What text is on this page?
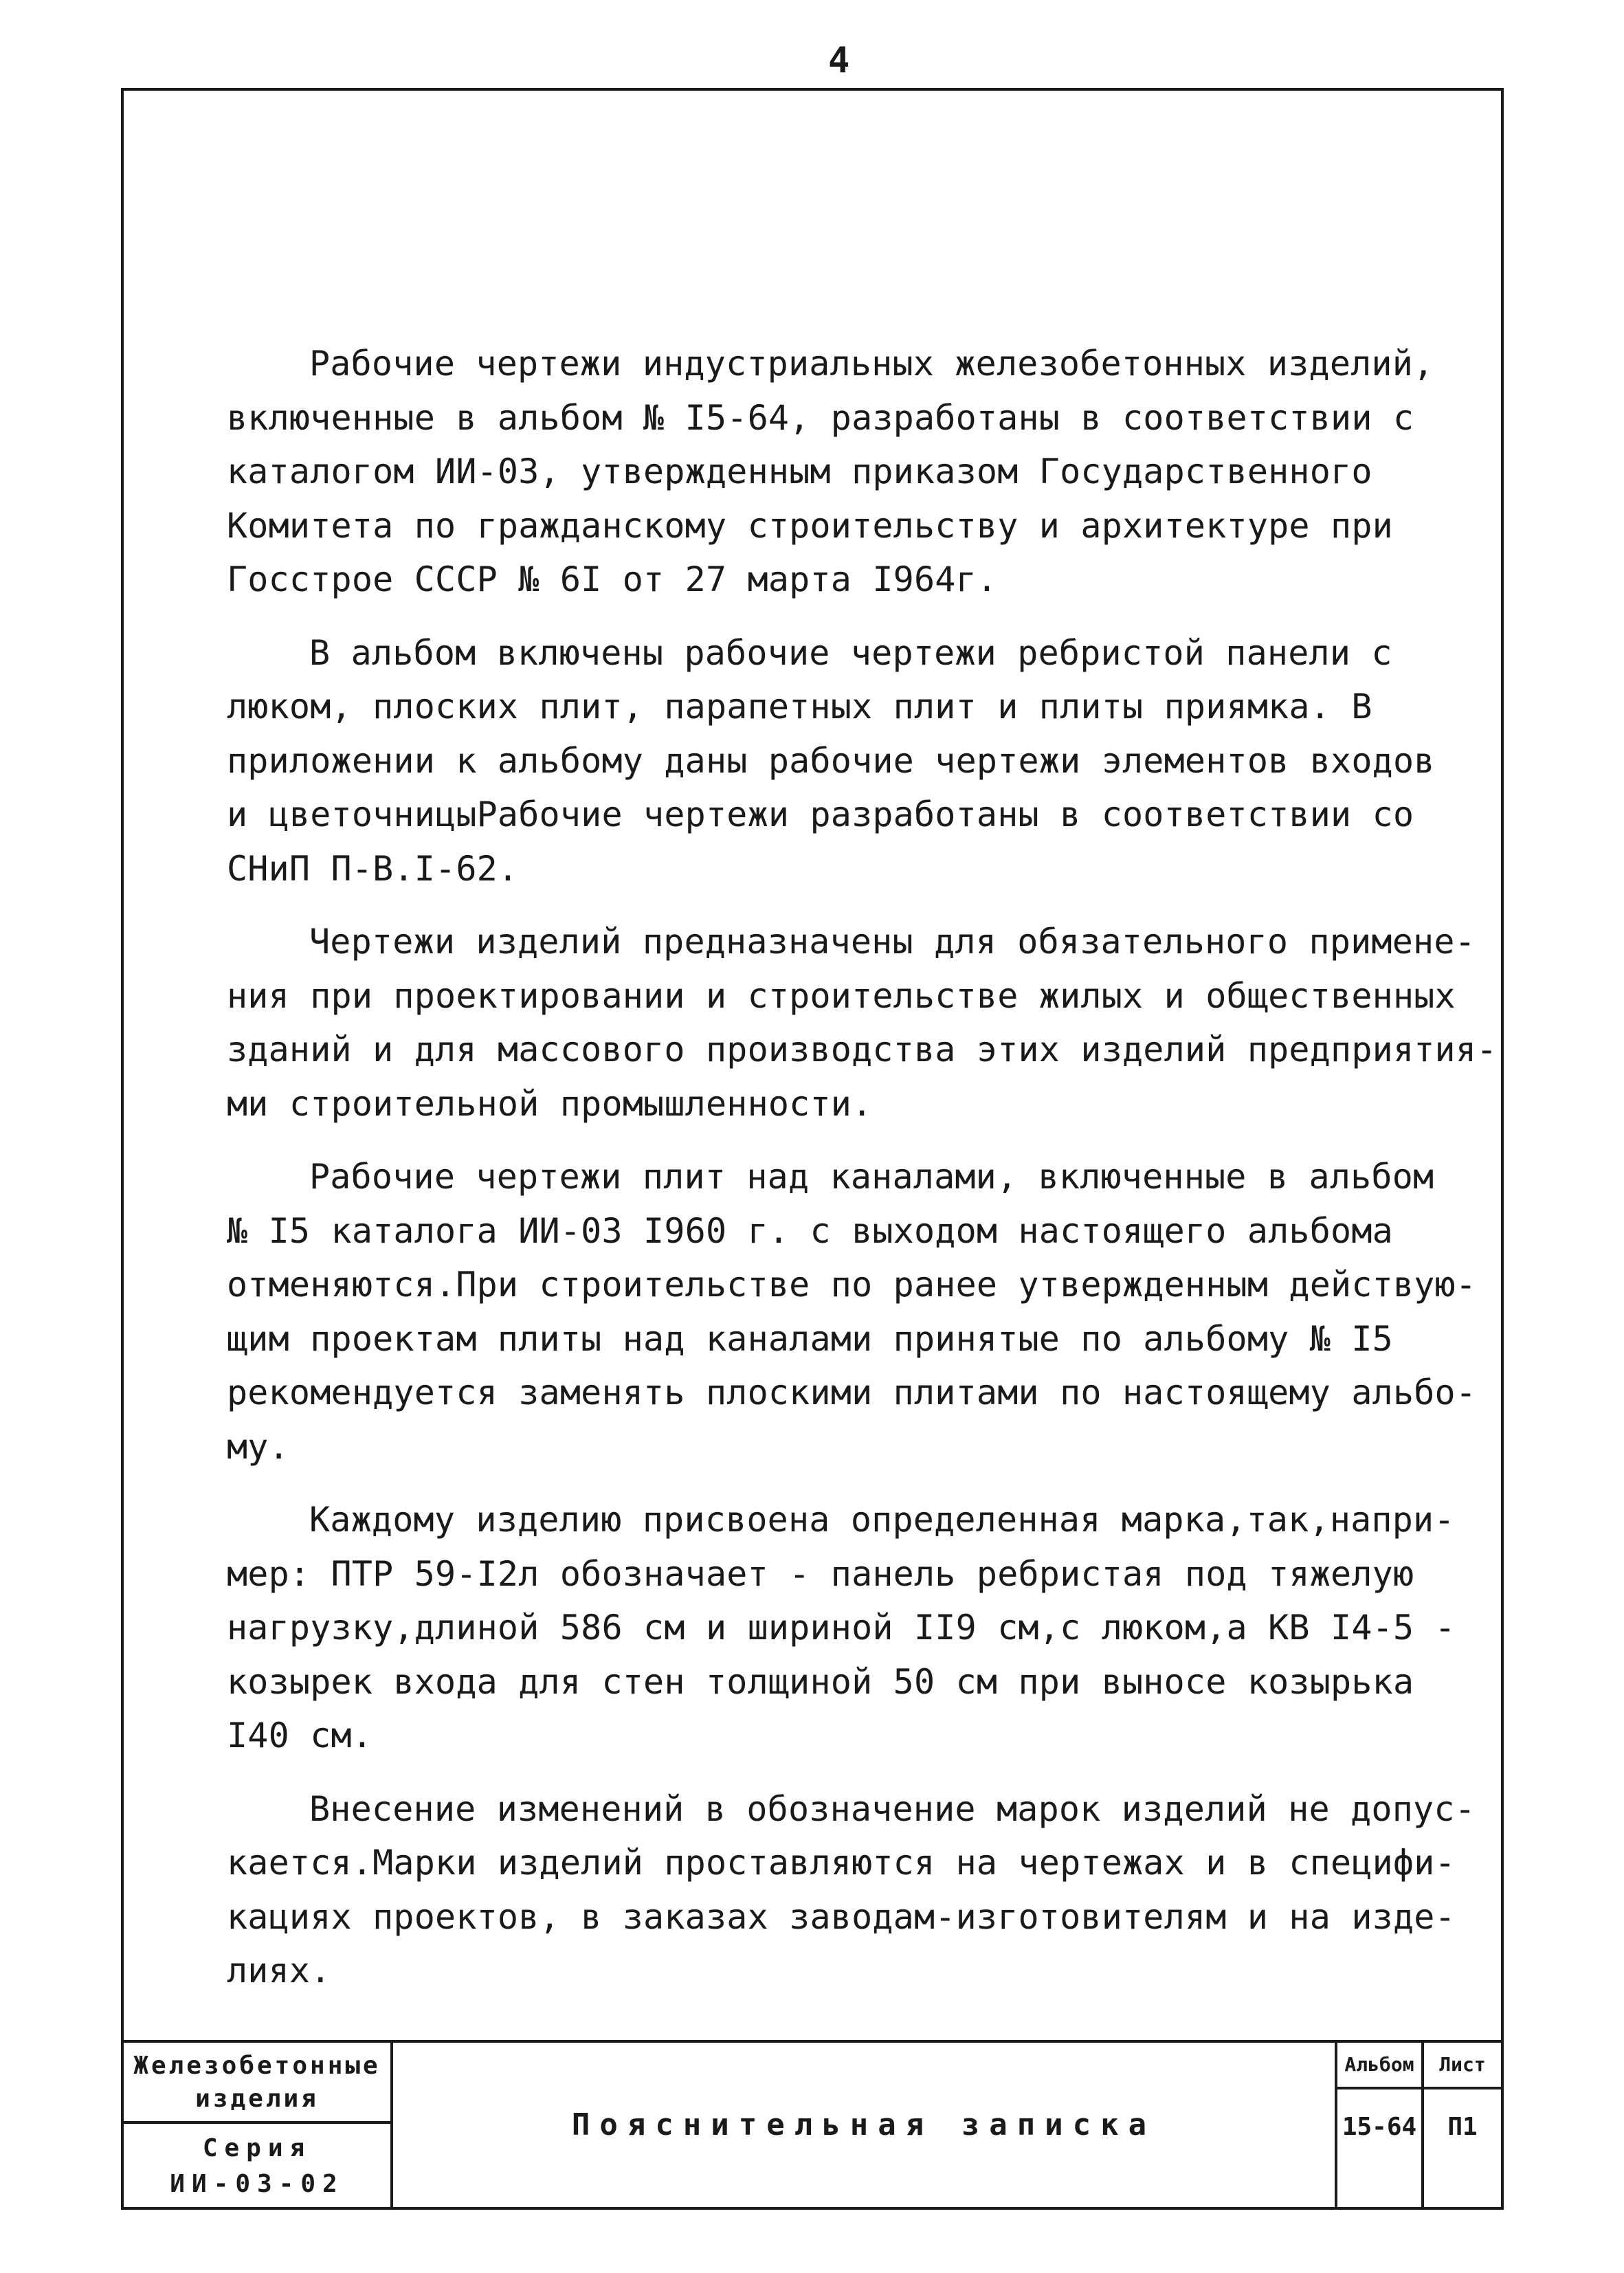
4
Рабочие чертежи индустриальных железобетонных изделий,
включенные в альбом № I5-64, разработаны в соответствии с
каталогом ИИ-03, утвержденным приказом Государственного
Комитета по гражданскому строительству и архитектуре при
Госстрое СССР № 6I от 27 марта I964г.
В альбом включены рабочие чертежи ребристой панели с
люком, плоских плит, парапетных плит и плиты приямка. В
приложении к альбому даны рабочие чертежи элементов входов
и цветочницыРабочие чертежи разработаны в соответствии со
СНиП П-В.I-62.
Чертежи изделий предназначены для обязательного примене-
ния при проектировании и строительстве жилых и общественных
зданий и для массового производства этих изделий предприятия-
ми строительной промышленности.
Рабочие чертежи плит над каналами, включенные в альбом
№ I5 каталога ИИ-03 I960 г. с выходом настоящего альбома
отменяются.При строительстве по ранее утвержденным действую-
щим проектам плиты над каналами принятые по альбому № I5
рекомендуется заменять плоскими плитами по настоящему альбо-
му.
Каждому изделию присвоена определенная марка,так,напри-
мер: ПТР 59-I2л обозначает - панель ребристая под тяжелую
нагрузку,длиной 586 см и шириной II9 см,с люком,а КВ I4-5 -
козырек входа для стен толщиной 50 см при выносе козырька
I40 см.
Внесение изменений в обозначение марок изделий не допус-
кается.Марки изделий проставляются на чертежах и в специфи-
кациях проектов, в заказах заводам-изготовителям и на изде-
лиях.
Железобетонные
изделия
Серия
ИИ-03-02
Пояснительная записка
Альбом
15-64
Лист
П1
